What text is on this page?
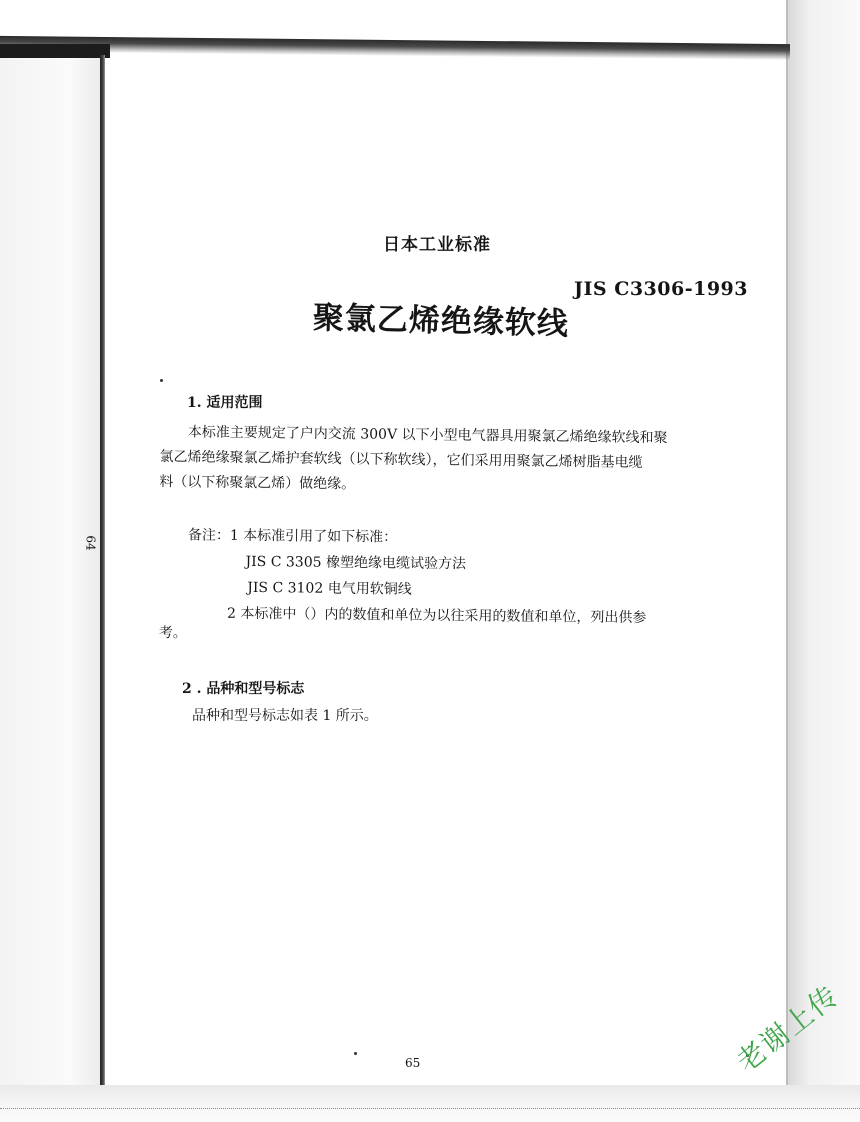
日本工业标准
JIS C3306-1993
聚氯乙烯绝缘软线
1. 适用范围
本标准主要规定了户内交流 300V 以下小型电气器具用聚氯乙烯绝缘软线和聚
氯乙烯绝缘聚氯乙烯护套软线（以下称软线），它们采用用聚氯乙烯树脂基电缆
料（以下称聚氯乙烯）做绝缘。
备注：1 本标准引用了如下标准：
JIS C 3305 橡塑绝缘电缆试验方法
JIS C 3102 电气用软铜线
2 本标准中（）内的数值和单位为以往采用的数值和单位，列出供参
考。
2 . 品种和型号标志
品种和型号标志如表 1 所示。
64
65	老谢上传
